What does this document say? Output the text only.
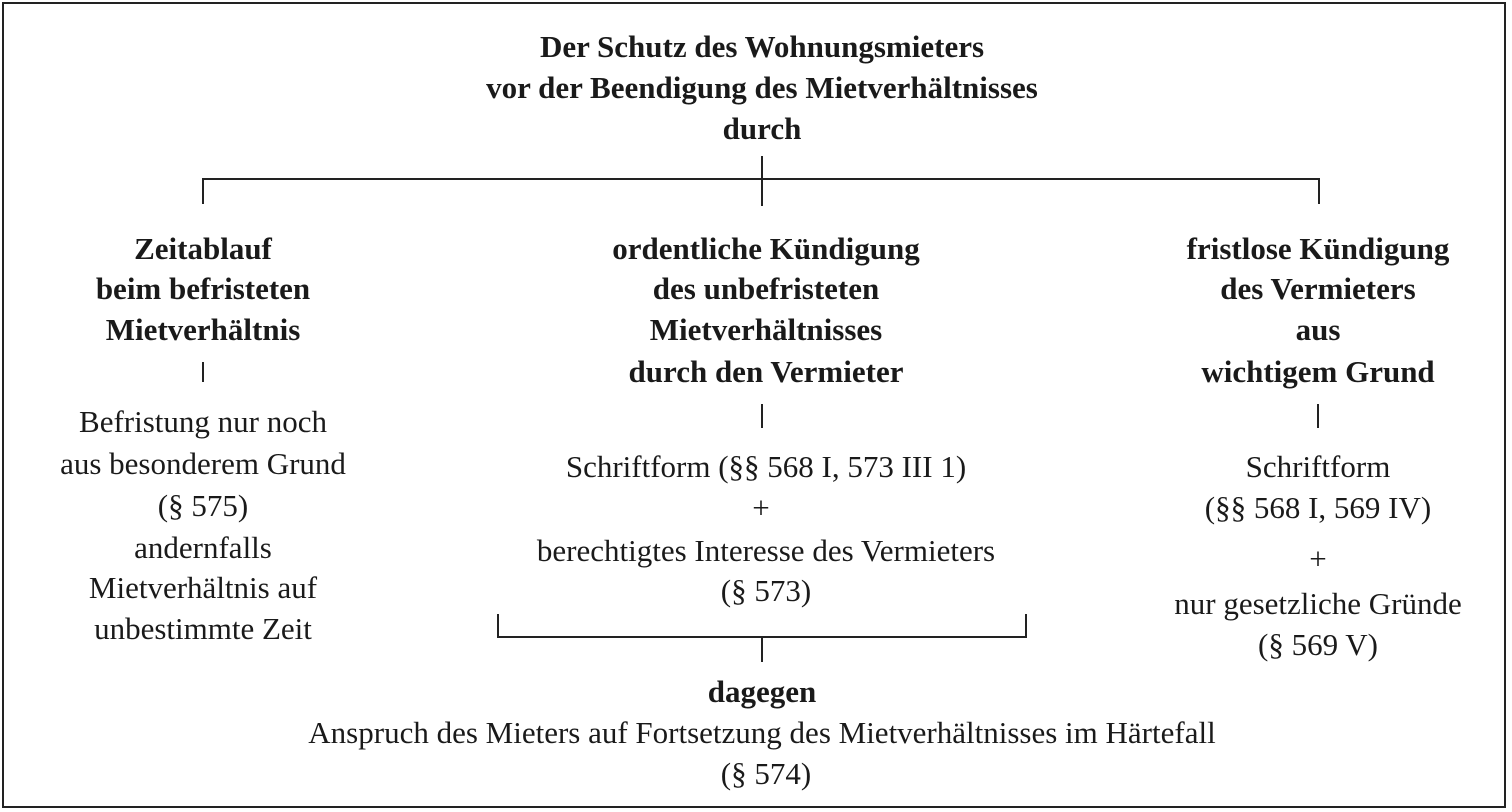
Der Schutz des Wohnungsmieters
vor der Beendigung des Mietverhältnisses
durch
Zeitablauf
beim befristeten
Mietverhältnis
Befristung nur noch
aus besonderem Grund
(§ 575)
andernfalls
Mietverhältnis auf
unbestimmte Zeit
ordentliche Kündigung
des unbefristeten
Mietverhältnisses
durch den Vermieter
Schriftform (§§ 568 I, 573 III 1)
+
berechtigtes Interesse des Vermieters
(§ 573)
fristlose Kündigung
des Vermieters
aus
wichtigem Grund
Schriftform
(§§ 568 I, 569 IV)
+
nur gesetzliche Gründe
(§ 569 V)
dagegen
Anspruch des Mieters auf Fortsetzung des Mietverhältnisses im Härtefall
(§ 574)
